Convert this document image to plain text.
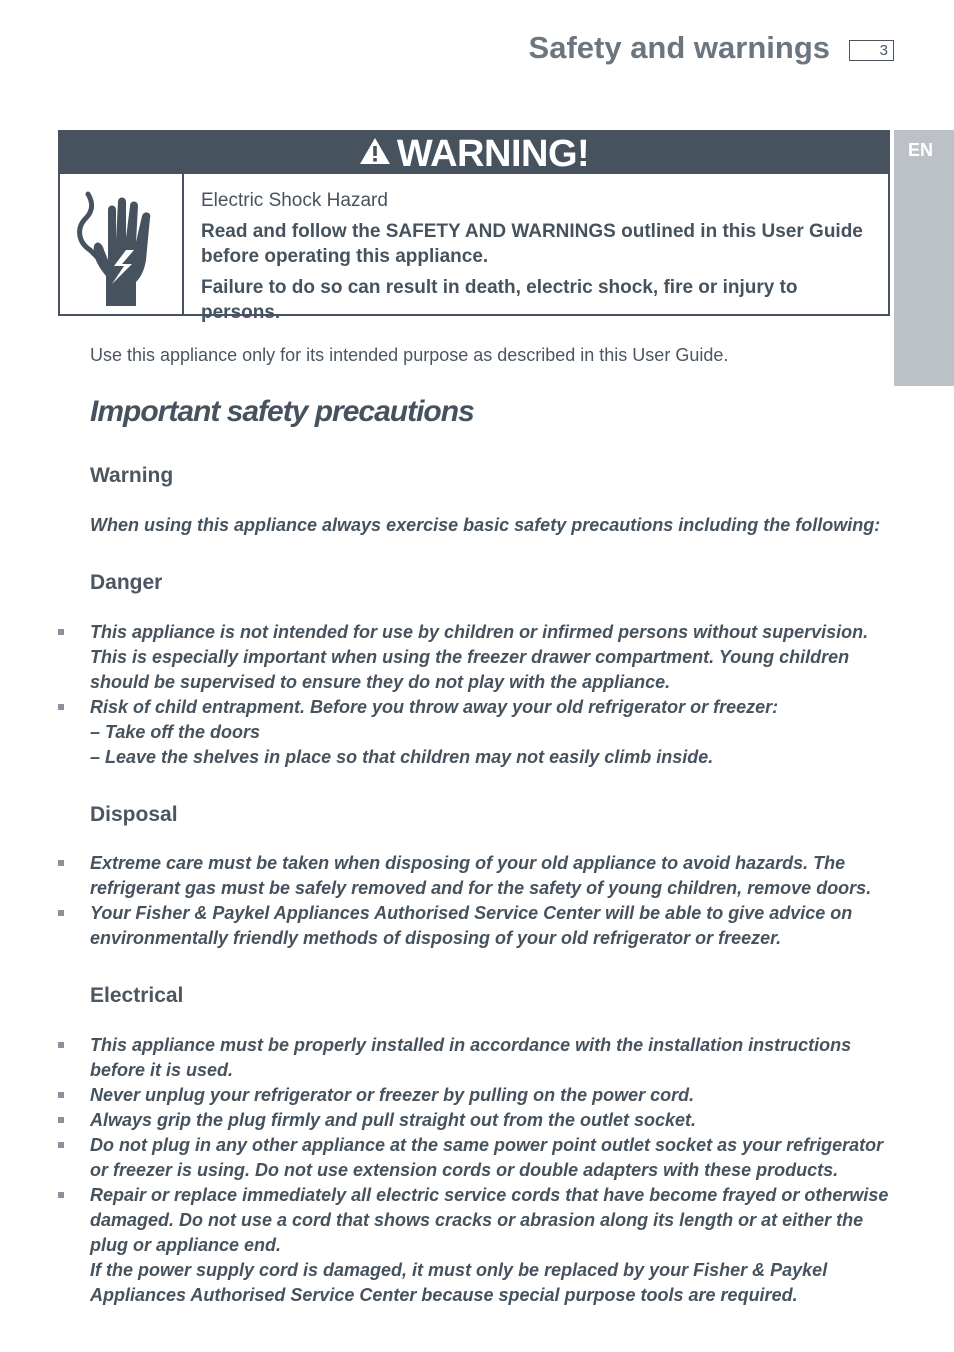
Safety and warnings	3
EN
WARNING!

Electric Shock Hazard

Read and follow the SAFETY AND WARNINGS outlined in this User Guide before operating this appliance.

Failure to do so can result in death, electric shock, fire or injury to persons.

Use this appliance only for its intended purpose as described in this User Guide.
Important safety precautions
Warning
When using this appliance always exercise basic safety precautions including the following:
Danger
This appliance is not intended for use by children or infirmed persons without supervision. This is especially important when using the freezer drawer compartment. Young children should be supervised to ensure they do not play with the appliance.
Risk of child entrapment. Before you throw away your old refrigerator or freezer:
– Take off the doors
– Leave the shelves in place so that children may not easily climb inside.
Disposal
Extreme care must be taken when disposing of your old appliance to avoid hazards. The refrigerant gas must be safely removed and for the safety of young children, remove doors.
Your Fisher & Paykel Appliances Authorised Service Center will be able to give advice on environmentally friendly methods of disposing of your old refrigerator or freezer.
Electrical
This appliance must be properly installed in accordance with the installation instructions before it is used.
Never unplug your refrigerator or freezer by pulling on the power cord.
Always grip the plug firmly and pull straight out from the outlet socket.
Do not plug in any other appliance at the same power point outlet socket as your refrigerator or freezer is using. Do not use extension cords or double adapters with these products.
Repair or replace immediately all electric service cords that have become frayed or otherwise damaged. Do not use a cord that shows cracks or abrasion along its length or at either the plug or appliance end.
If the power supply cord is damaged, it must only be replaced by your Fisher & Paykel Appliances Authorised Service Center because special purpose tools are required.
